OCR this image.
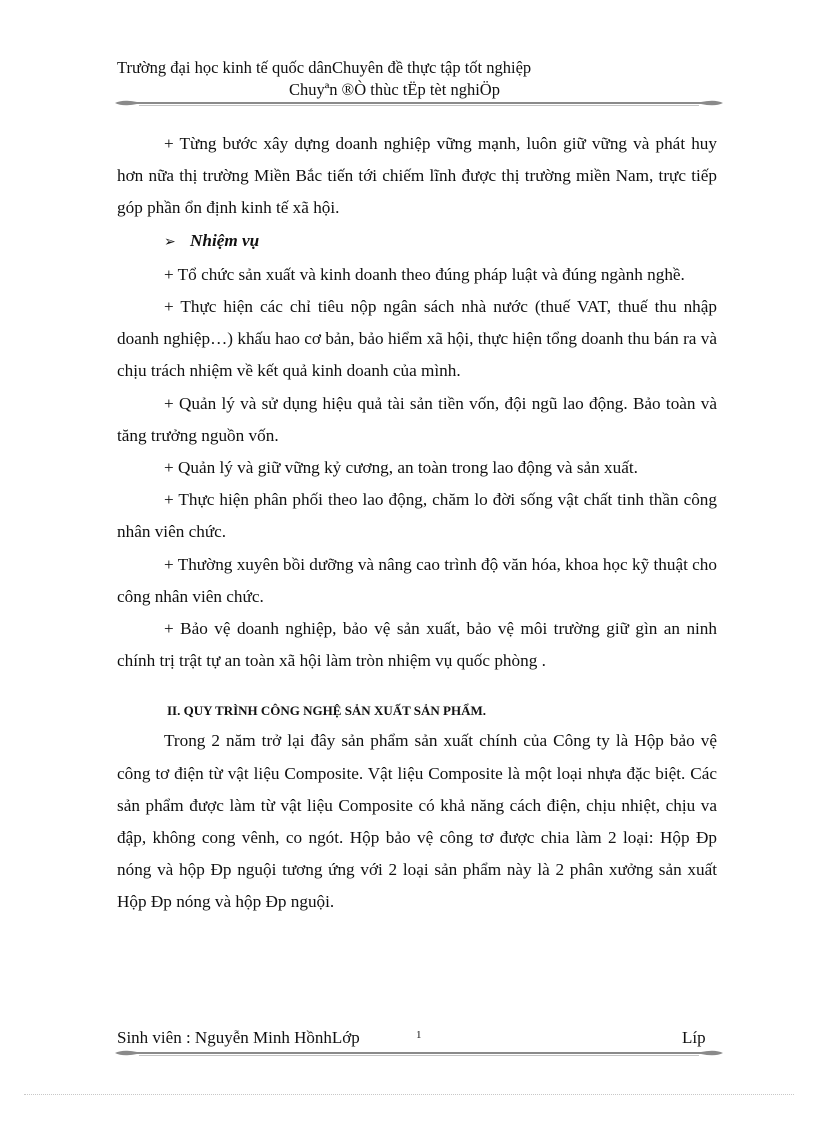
Trường đại học kinh tế quốc dânChuyên đề thực tập tốt nghiệp
Chuyªn ®Ò thùc tËp tèt nghiÖp

+ Từng bước xây dựng doanh nghiệp vững mạnh, luôn giữ vững và phát huy hơn nữa thị trường Miền Bắc tiến tới chiếm lĩnh được thị trường miền Nam, trực tiếp góp phần ổn định kinh tế xã hội.

➢ Nhiệm vụ

+ Tổ chức sản xuất và kinh doanh theo đúng pháp luật và đúng ngành nghề.

+ Thực hiện các chỉ tiêu nộp ngân sách nhà nước (thuế VAT, thuế thu nhập doanh nghiệp…) khấu hao cơ bản, bảo hiểm xã hội, thực hiện tổng doanh thu bán ra và chịu trách nhiệm về kết quả kinh doanh của mình.

+ Quản lý và sử dụng hiệu quả tài sản tiền vốn, đội ngũ lao động. Bảo toàn và tăng trưởng nguồn vốn.

+ Quản lý và giữ vững kỷ cương, an toàn trong lao động và sản xuất.

+ Thực hiện phân phối theo lao động, chăm lo đời sống vật chất tinh thần công nhân viên chức.

+ Thường xuyên bồi dưỡng và nâng cao trình độ văn hóa, khoa học kỹ thuật cho công nhân viên chức.

+ Bảo vệ doanh nghiệp, bảo vệ sản xuất, bảo vệ môi trường giữ gìn an ninh chính trị trật tự an toàn xã hội làm tròn nhiệm vụ quốc phòng .

II. QUY TRÌNH CÔNG NGHỆ SẢN XUẤT SẢN PHẨM.

Trong 2 năm trở lại đây sản phẩm sản xuất chính của Công ty là Hộp bảo vệ công tơ điện từ vật liệu Composite. Vật liệu Composite là một loại nhựa đặc biệt. Các sản phẩm được làm từ vật liệu Composite có khả năng cách điện, chịu nhiệt, chịu va đập, không cong vênh, co ngót. Hộp bảo vệ công tơ được chia làm 2 loại: Hộp Đp nóng và hộp Đp nguội tương ứng với 2 loại sản phẩm này là 2 phân xưởng sản xuất Hộp Đp nóng và hộp Đp nguội.

Sinh viên : Nguyễn Minh HồnhLớp	1	Líp
